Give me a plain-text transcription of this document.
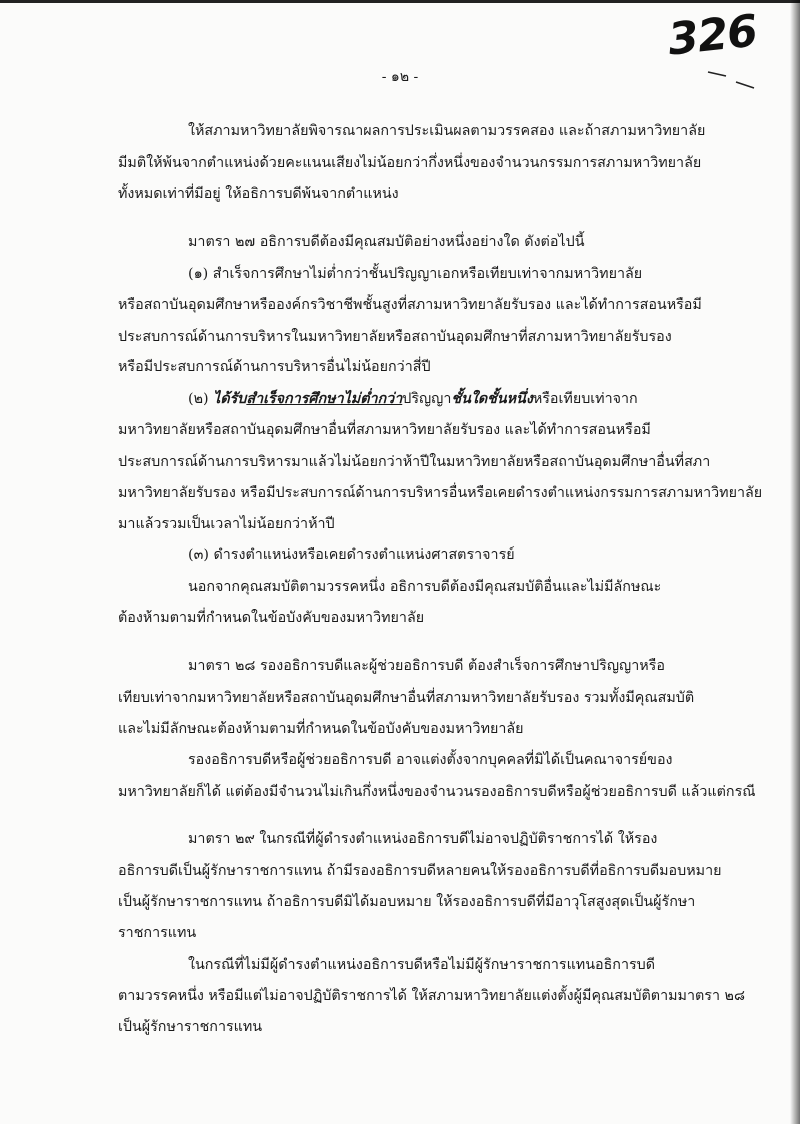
326
- ๑๒ -
ให้สภามหาวิทยาลัยพิจารณาผลการประเมินผลตามวรรคสอง และถ้าสภามหาวิทยาลัย
มีมติให้พ้นจากตำแหน่งด้วยคะแนนเสียงไม่น้อยกว่ากึ่งหนึ่งของจำนวนกรรมการสภามหาวิทยาลัย
ทั้งหมดเท่าที่มีอยู่ ให้อธิการบดีพ้นจากตำแหน่ง
มาตรา ๒๗ อธิการบดีต้องมีคุณสมบัติอย่างหนึ่งอย่างใด ดังต่อไปนี้
(๑) สำเร็จการศึกษาไม่ต่ำกว่าชั้นปริญญาเอกหรือเทียบเท่าจากมหาวิทยาลัย
หรือสถาบันอุดมศึกษาหรือองค์กรวิชาชีพชั้นสูงที่สภามหาวิทยาลัยรับรอง และได้ทำการสอนหรือมี
ประสบการณ์ด้านการบริหารในมหาวิทยาลัยหรือสถาบันอุดมศึกษาที่สภามหาวิทยาลัยรับรอง
หรือมีประสบการณ์ด้านการบริหารอื่นไม่น้อยกว่าสี่ปี
(๒) ได้รับสำเร็จการศึกษาไม่ต่ำกว่าปริญญาชั้นใดชั้นหนึ่งหรือเทียบเท่าจาก
มหาวิทยาลัยหรือสถาบันอุดมศึกษาอื่นที่สภามหาวิทยาลัยรับรอง และได้ทำการสอนหรือมี
ประสบการณ์ด้านการบริหารมาแล้วไม่น้อยกว่าห้าปีในมหาวิทยาลัยหรือสถาบันอุดมศึกษาอื่นที่สภา
มหาวิทยาลัยรับรอง หรือมีประสบการณ์ด้านการบริหารอื่นหรือเคยดำรงตำแหน่งกรรมการสภามหาวิทยาลัย
มาแล้วรวมเป็นเวลาไม่น้อยกว่าห้าปี
(๓) ดำรงตำแหน่งหรือเคยดำรงตำแหน่งศาสตราจารย์
นอกจากคุณสมบัติตามวรรคหนึ่ง อธิการบดีต้องมีคุณสมบัติอื่นและไม่มีลักษณะ
ต้องห้ามตามที่กำหนดในข้อบังคับของมหาวิทยาลัย
มาตรา ๒๘ รองอธิการบดีและผู้ช่วยอธิการบดี ต้องสำเร็จการศึกษาปริญญาหรือ
เทียบเท่าจากมหาวิทยาลัยหรือสถาบันอุดมศึกษาอื่นที่สภามหาวิทยาลัยรับรอง รวมทั้งมีคุณสมบัติ
และไม่มีลักษณะต้องห้ามตามที่กำหนดในข้อบังคับของมหาวิทยาลัย
รองอธิการบดีหรือผู้ช่วยอธิการบดี อาจแต่งตั้งจากบุคคลที่มิได้เป็นคณาจารย์ของ
มหาวิทยาลัยก็ได้ แต่ต้องมีจำนวนไม่เกินกึ่งหนึ่งของจำนวนรองอธิการบดีหรือผู้ช่วยอธิการบดี แล้วแต่กรณี
มาตรา ๒๙ ในกรณีที่ผู้ดำรงตำแหน่งอธิการบดีไม่อาจปฏิบัติราชการได้ ให้รอง
อธิการบดีเป็นผู้รักษาราชการแทน ถ้ามีรองอธิการบดีหลายคนให้รองอธิการบดีที่อธิการบดีมอบหมาย
เป็นผู้รักษาราชการแทน ถ้าอธิการบดีมิได้มอบหมาย ให้รองอธิการบดีที่มีอาวุโสสูงสุดเป็นผู้รักษา
ราชการแทน
ในกรณีที่ไม่มีผู้ดำรงตำแหน่งอธิการบดีหรือไม่มีผู้รักษาราชการแทนอธิการบดี
ตามวรรคหนึ่ง หรือมีแต่ไม่อาจปฏิบัติราชการได้ ให้สภามหาวิทยาลัยแต่งตั้งผู้มีคุณสมบัติตามมาตรา ๒๘
เป็นผู้รักษาราชการแทน
